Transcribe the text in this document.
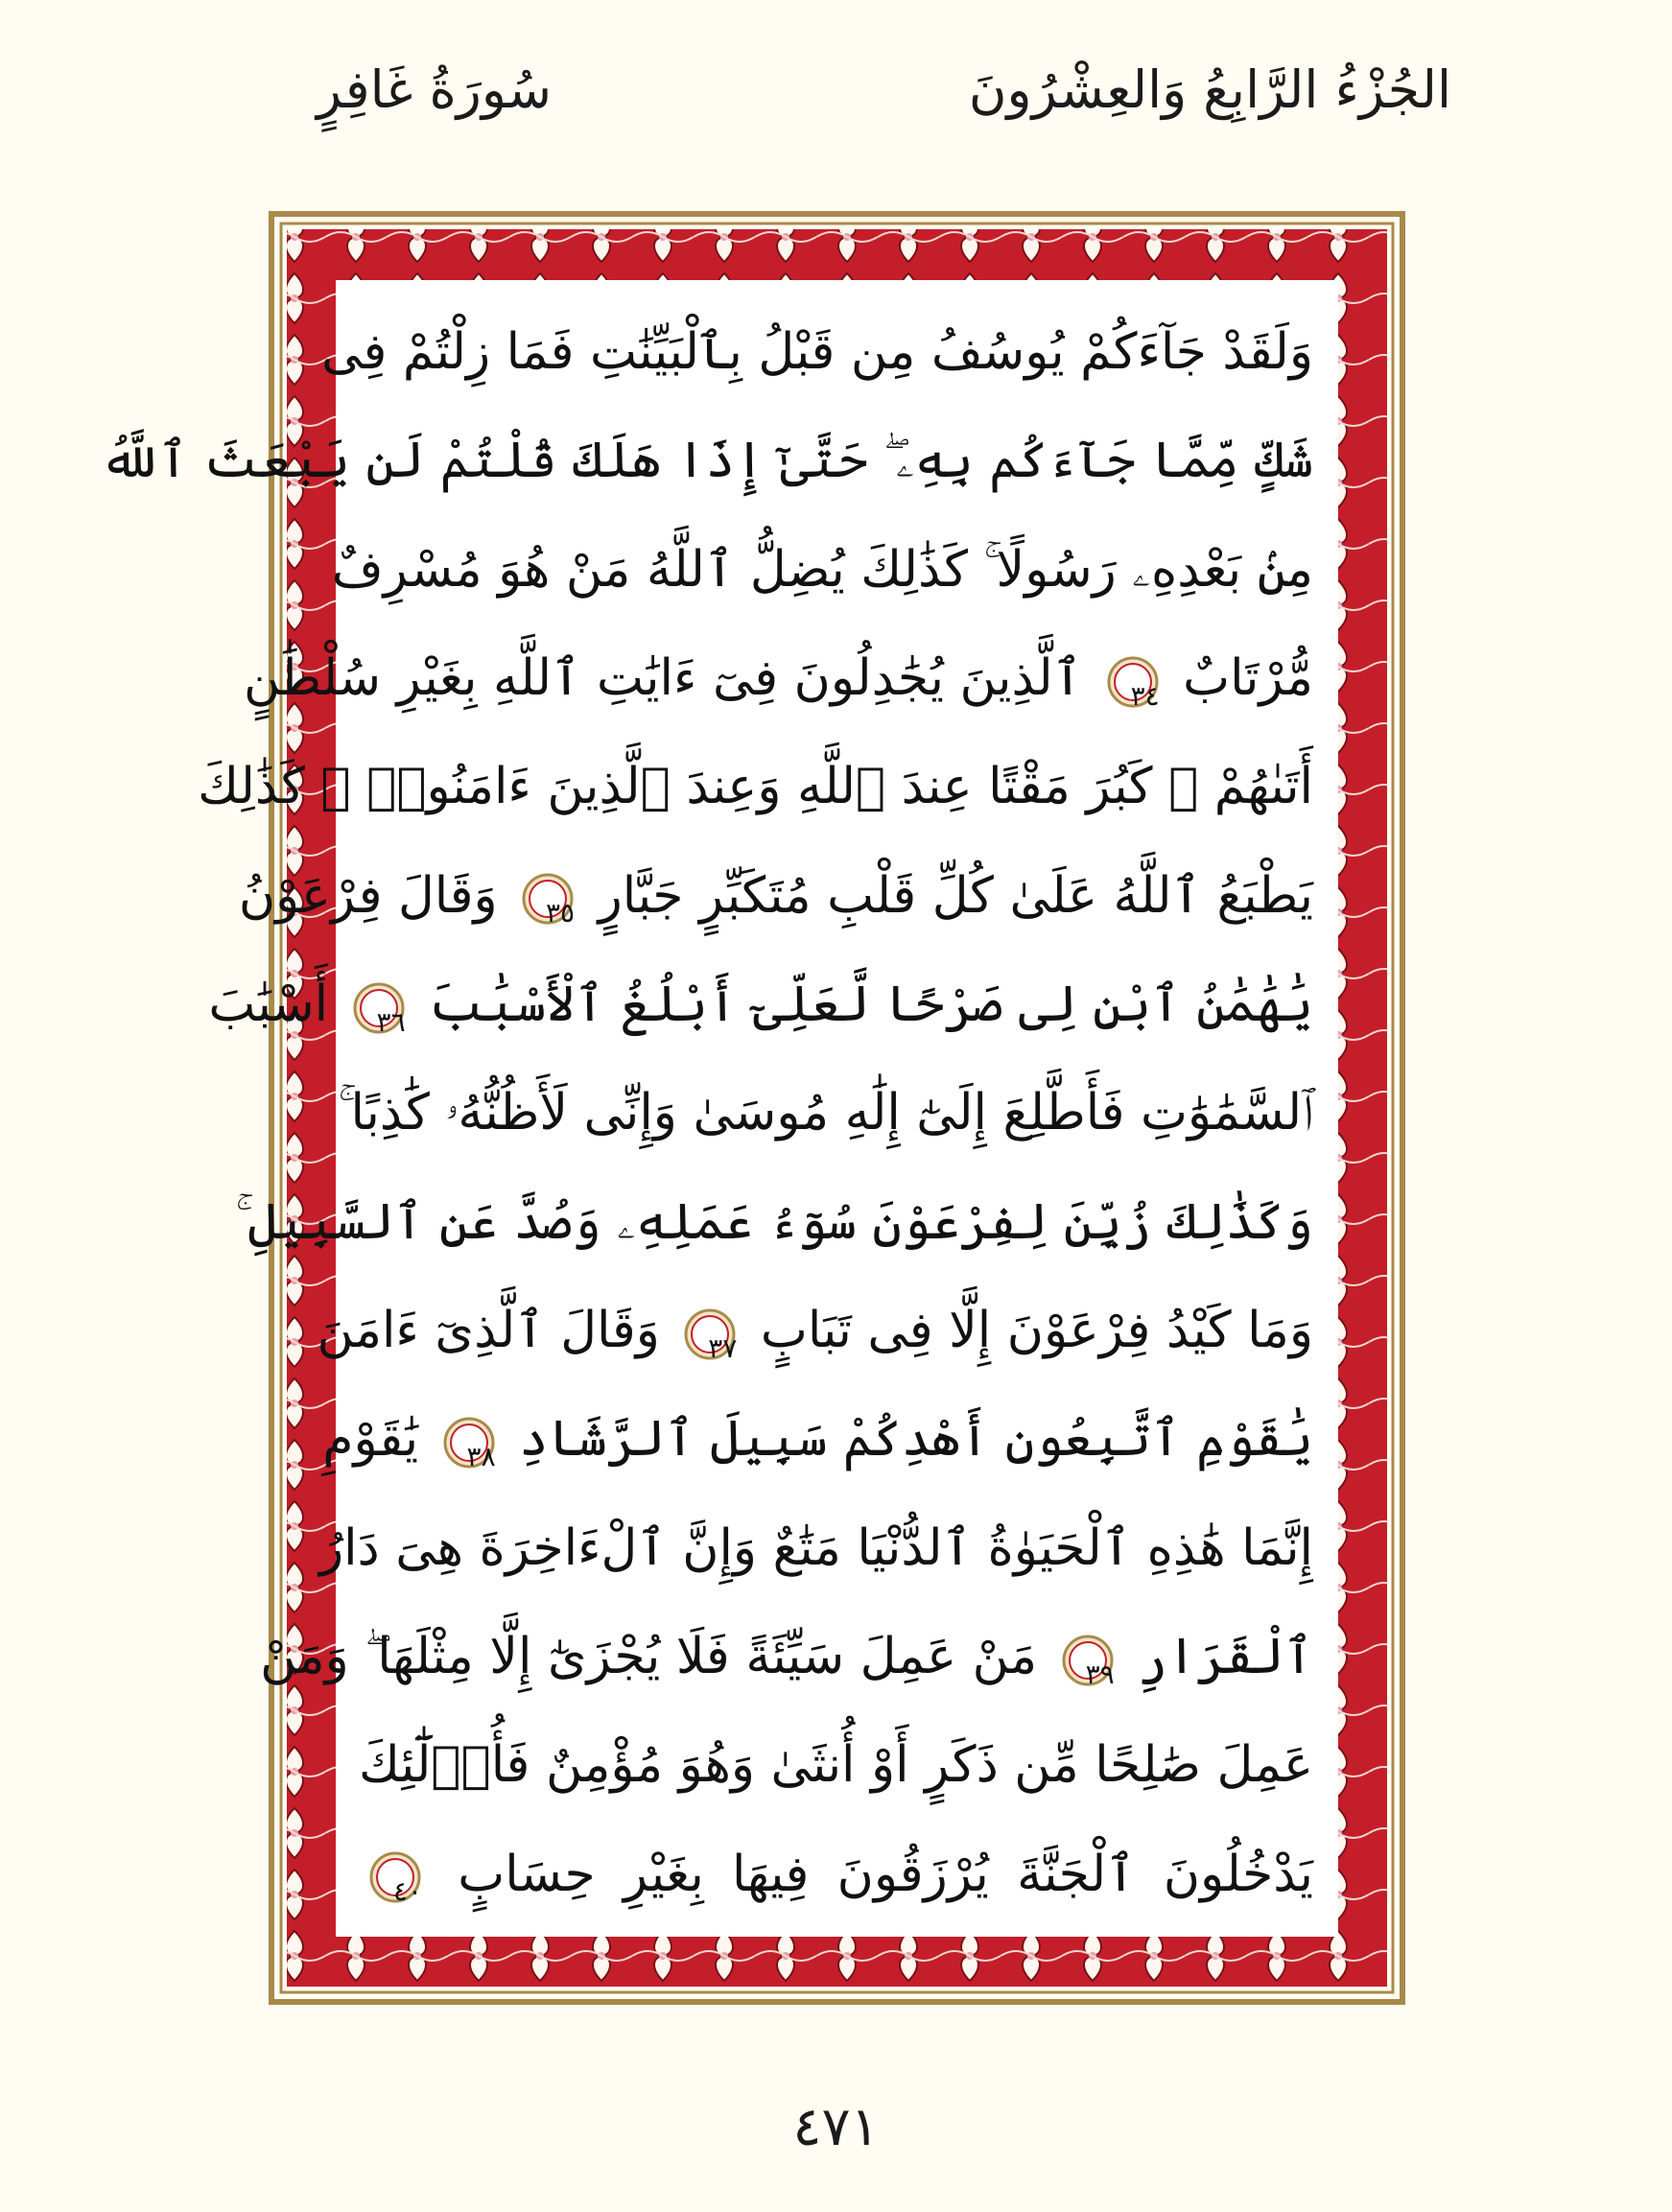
الجُزْءُ الرَّابِعُ وَالعِشْرُونَ
سُورَةُ غَافِرٍ
وَلَقَدْ جَآءَكُمْ يُوسُفُ مِن قَبْلُ بِٱلْبَيِّنَٰتِ فَمَا زِلْتُمْ فِى
شَكٍّ مِّمَّا جَآءَكُم بِهِۦ ۖ حَتَّىٰٓ إِذَا هَلَكَ قُلْتُمْ لَن يَبْعَثَ ٱللَّهُ
مِنۢ بَعْدِهِۦ رَسُولًا ۚ كَذَٰلِكَ يُضِلُّ ٱللَّهُ مَنْ هُوَ مُسْرِفٌ
مُّرْتَابٌ
٣٤
ٱلَّذِينَ يُجَٰدِلُونَ فِىٓ ءَايَٰتِ ٱللَّهِ بِغَيْرِ سُلْطَٰنٍ
أَتَىٰهُمْ ۖ كَبُرَ مَقْتًا عِندَ ٱللَّهِ وَعِندَ ٱلَّذِينَ ءَامَنُوا۟ ۚ كَذَٰلِكَ
يَطْبَعُ ٱللَّهُ عَلَىٰ كُلِّ قَلْبِ مُتَكَبِّرٍ جَبَّارٍ
٣٥
وَقَالَ فِرْعَوْنُ
يَٰهَٰمَٰنُ ٱبْنِ لِى صَرْحًا لَّعَلِّىٓ أَبْلُغُ ٱلْأَسْبَٰبَ
٣٦
أَسْبَٰبَ
ٱلسَّمَٰوَٰتِ فَأَطَّلِعَ إِلَىٰٓ إِلَٰهِ مُوسَىٰ وَإِنِّى لَأَظُنُّهُۥ كَٰذِبًا ۚ
وَكَذَٰلِكَ زُيِّنَ لِفِرْعَوْنَ سُوٓءُ عَمَلِهِۦ وَصُدَّ عَنِ ٱلسَّبِيلِ ۚ
وَمَا كَيْدُ فِرْعَوْنَ إِلَّا فِى تَبَابٍ
٣٧
وَقَالَ ٱلَّذِىٓ ءَامَنَ
يَٰقَوْمِ ٱتَّبِعُونِ أَهْدِكُمْ سَبِيلَ ٱلرَّشَادِ
٣٨
يَٰقَوْمِ
إِنَّمَا هَٰذِهِ ٱلْحَيَوٰةُ ٱلدُّنْيَا مَتَٰعٌ وَإِنَّ ٱلْءَاخِرَةَ هِىَ دَارُ
ٱلْقَرَارِ
٣٩
مَنْ عَمِلَ سَيِّئَةً فَلَا يُجْزَىٰٓ إِلَّا مِثْلَهَا ۖ وَمَنْ
عَمِلَ صَٰلِحًا مِّن ذَكَرٍ أَوْ أُنثَىٰ وَهُوَ مُؤْمِنٌ فَأُو۟لَٰٓئِكَ
يَدْخُلُونَ ٱلْجَنَّةَ يُرْزَقُونَ فِيهَا بِغَيْرِ حِسَابٍ
٤٠
٤٧١
